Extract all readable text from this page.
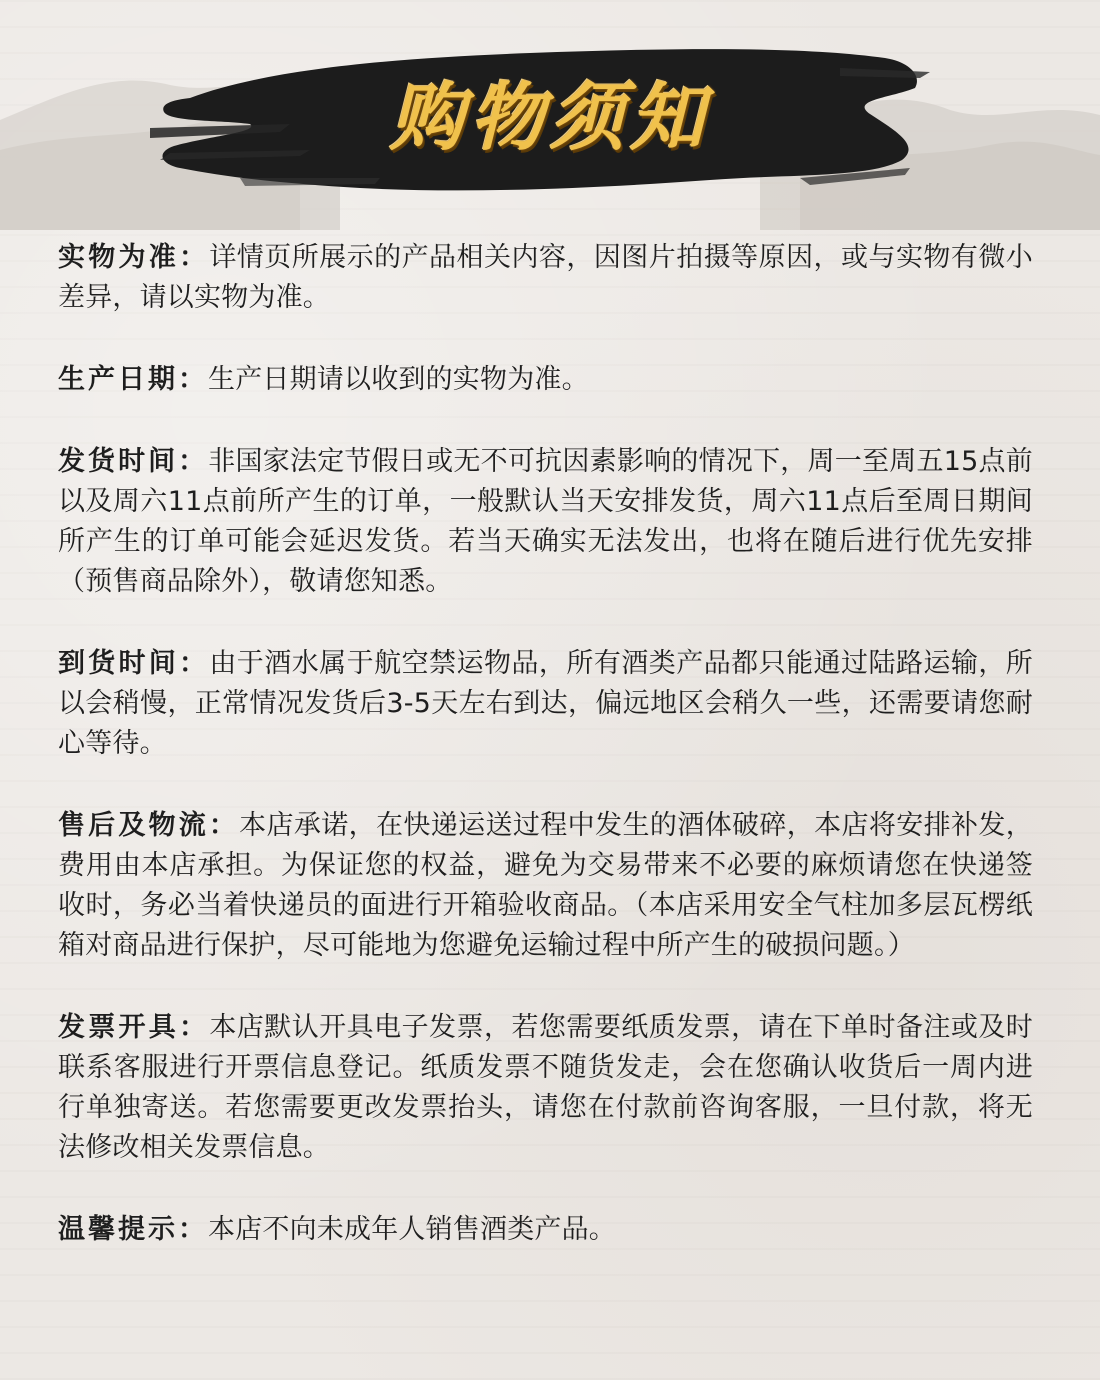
购物须知
实物为准：详情页所展示的产品相关内容，因图片拍摄等原因，或与实物有微小差异，请以实物为准。
生产日期：生产日期请以收到的实物为准。
发货时间：非国家法定节假日或无不可抗因素影响的情况下，周一至周五15点前以及周六11点前所产生的订单，一般默认当天安排发货，周六11点后至周日期间所产生的订单可能会延迟发货。若当天确实无法发出，也将在随后进行优先安排（预售商品除外），敬请您知悉。
到货时间：由于酒水属于航空禁运物品，所有酒类产品都只能通过陆路运输，所以会稍慢，正常情况发货后3-5天左右到达，偏远地区会稍久一些，还需要请您耐心等待。
售后及物流：本店承诺，在快递运送过程中发生的酒体破碎，本店将安排补发，费用由本店承担。为保证您的权益，避免为交易带来不必要的麻烦请您在快递签收时，务必当着快递员的面进行开箱验收商品。（本店采用安全气柱加多层瓦楞纸箱对商品进行保护，尽可能地为您避免运输过程中所产生的破损问题。）
发票开具：本店默认开具电子发票，若您需要纸质发票，请在下单时备注或及时联系客服进行开票信息登记。纸质发票不随货发走，会在您确认收货后一周内进行单独寄送。若您需要更改发票抬头，请您在付款前咨询客服，一旦付款，将无法修改相关发票信息。
温馨提示：本店不向未成年人销售酒类产品。
